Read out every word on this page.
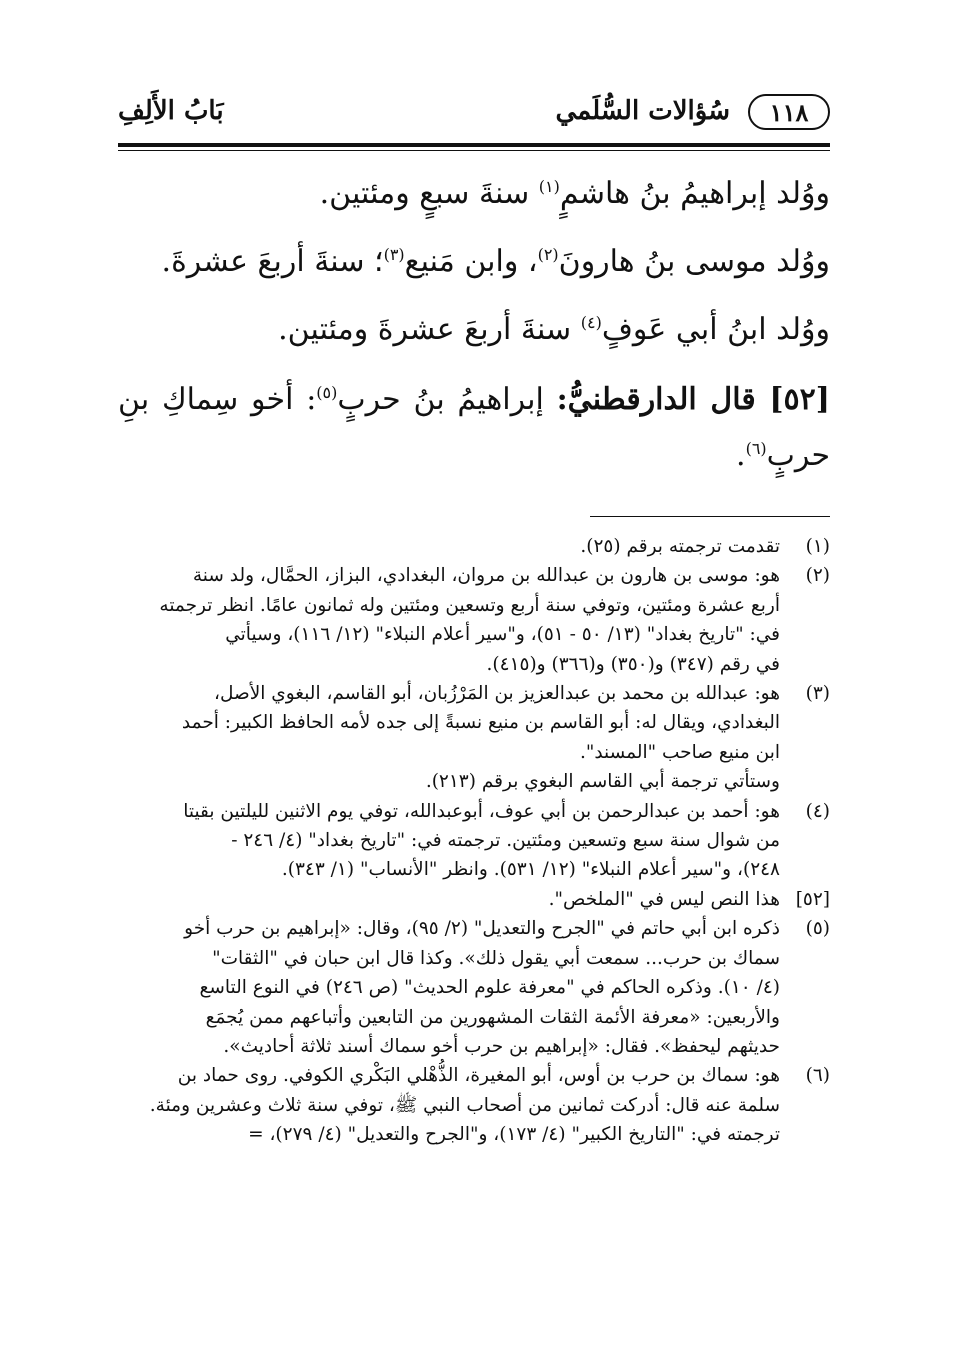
١١٨
سُؤالات السُّلَمي
بَابُ الأَلِفِ

ووُلد إبراهيمُ بنُ هاشمٍ$^{(١)}$ سنةَ سبعٍ ومئتين.

ووُلد موسى بنُ هارونَ$^{(٢)}$، وابن مَنيع$^{(٣)}$؛ سنةَ أربعَ عشرةَ.

ووُلد ابنُ أبي عَوفٍ$^{(٤)}$ سنةَ أربعَ عشرةَ ومئتين.

[٥٢] قال الدارقطنيُّ: إبراهيمُ بنُ حربٍ$^{(٥)}$: أخو سِماكِ بنِ حربٍ$^{(٦)}$.

(١)
تقدمت ترجمته برقم (٢٥).
(٢)
هو: موسى بن هارون بن عبدالله بن مروان، البغدادي، البزاز، الحمَّال، ولد سنة
أربع عشرة ومئتين، وتوفي سنة أربع وتسعين ومئتين وله ثمانون عامًا. انظر ترجمته
في: "تاريخ بغداد" (١٣/ ٥٠ - ٥١)، و"سير أعلام النبلاء" (١٢/ ١١٦)، وسيأتي
في رقم (٣٤٧) و(٣٥٠) و(٣٦٦) و(٤١٥).
(٣)
هو: عبدالله بن محمد بن عبدالعزيز بن المَرْزُبان، أبو القاسم، البغوي الأصل،
البغدادي، ويقال له: أبو القاسم بن منيع نسبةً إلى جده لأمه الحافظ الكبير: أحمد
ابن منيع صاحب "المسند".
وستأتي ترجمة أبي القاسم البغوي برقم (٢١٣).
(٤)
هو: أحمد بن عبدالرحمن بن أبي عوف، أبوعبدالله، توفي يوم الاثنين لليلتين بقيتا
من شوال سنة سبع وتسعين ومئتين. ترجمته في: "تاريخ بغداد" (٤/ ٢٤٦ -
٢٤٨)، و"سير أعلام النبلاء" (١٢/ ٥٣١). وانظر "الأنساب" (١/ ٣٤٣).
[٥٢]
هذا النص ليس في "الملخص".
(٥)
ذكره ابن أبي حاتم في "الجرح والتعديل" (٢/ ٩٥)، وقال: «إبراهيم بن حرب أخو
سماك بن حرب... سمعت أبي يقول ذلك». وكذا قال ابن حبان في "الثقات"
(٤/ ١٠). وذكره الحاكم في "معرفة علوم الحديث" (ص ٢٤٦) في النوع التاسع
والأربعين: «معرفة الأئمة الثقات المشهورين من التابعين وأتباعهم ممن يُجمَع
حديثهم ليحفظ». فقال: «إبراهيم بن حرب أخو سماك أسند ثلاثة أحاديث».
(٦)
هو: سماك بن حرب بن أوس، أبو المغيرة، الذُّهْلي البَكْري الكوفي. روى حماد بن
سلمة عنه قال: أدركت ثمانين من أصحاب النبي ﷺ، توفي سنة ثلاث وعشرين ومئة.
ترجمته في: "التاريخ الكبير" (٤/ ١٧٣)، و"الجرح والتعديل" (٤/ ٢٧٩)، =
